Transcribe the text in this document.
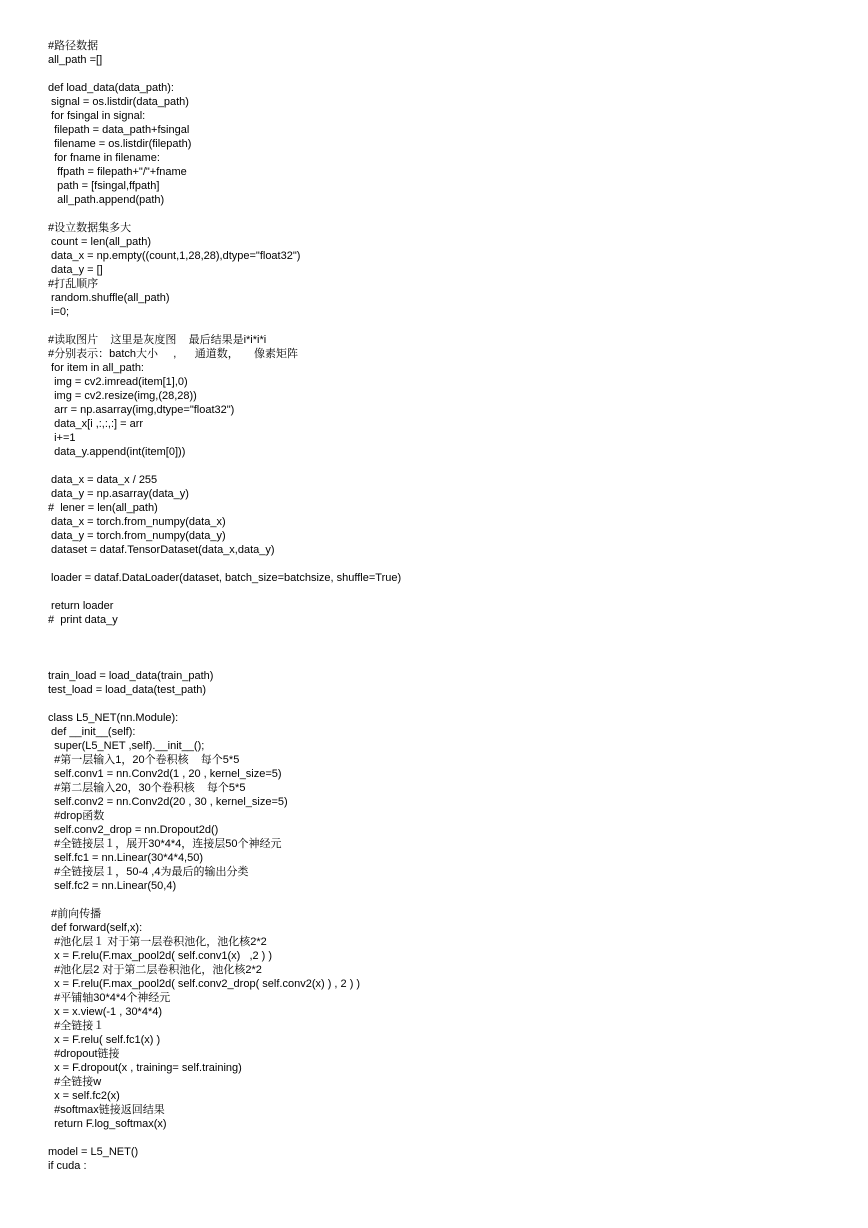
#路径数据
all_path =[]
def load_data(data_path):
signal = os.listdir(data_path)
for fsingal in signal:
filepath = data_path+fsingal
filename = os.listdir(filepath)
for fname in filename:
ffpath = filepath+"/"+fname
path = [fsingal,ffpath]
all_path.append(path)
#设立数据集多大
count = len(all_path)
data_x = np.empty((count,1,28,28),dtype="float32")
data_y = []
#打乱顺序
random.shuffle(all_path)
i=0;
#读取图片    这里是灰度图    最后结果是i*i*i*i
#分别表示：batch大小     ,      通道数，     像素矩阵
for item in all_path:
img = cv2.imread(item[1],0)
img = cv2.resize(img,(28,28))
arr = np.asarray(img,dtype="float32")
data_x[i ,:,:,:] = arr
i+=1
data_y.append(int(item[0]))
data_x = data_x / 255
data_y = np.asarray(data_y)
#  lener = len(all_path)
data_x = torch.from_numpy(data_x)
data_y = torch.from_numpy(data_y)
dataset = dataf.TensorDataset(data_x,data_y)
loader = dataf.DataLoader(dataset, batch_size=batchsize, shuffle=True)
return loader
#  print data_y
train_load = load_data(train_path)
test_load = load_data(test_path)
class L5_NET(nn.Module):
def __init__(self):
super(L5_NET ,self).__init__();
#第一层输入1，20个卷积核    每个5*5
self.conv1 = nn.Conv2d(1 , 20 , kernel_size=5)
#第二层输入20，30个卷积核    每个5*5
self.conv2 = nn.Conv2d(20 , 30 , kernel_size=5)
#drop函数
self.conv2_drop = nn.Dropout2d()
#全链接层１，展开30*4*4，连接层50个神经元
self.fc1 = nn.Linear(30*4*4,50)
#全链接层１，50-4 ,4为最后的输出分类
self.fc2 = nn.Linear(50,4)
#前向传播
def forward(self,x):
#池化层１ 对于第一层卷积池化，池化核2*2
x = F.relu(F.max_pool2d( self.conv1(x)   ,2 ) )
#池化层2 对于第二层卷积池化，池化核2*2
x = F.relu(F.max_pool2d( self.conv2_drop( self.conv2(x) ) , 2 ) )
#平铺轴30*4*4个神经元
x = x.view(-1 , 30*4*4)
#全链接１
x = F.relu( self.fc1(x) )
#dropout链接
x = F.dropout(x , training= self.training)
#全链接w
x = self.fc2(x)
#softmax链接返回结果
return F.log_softmax(x)
model = L5_NET()
if cuda :
